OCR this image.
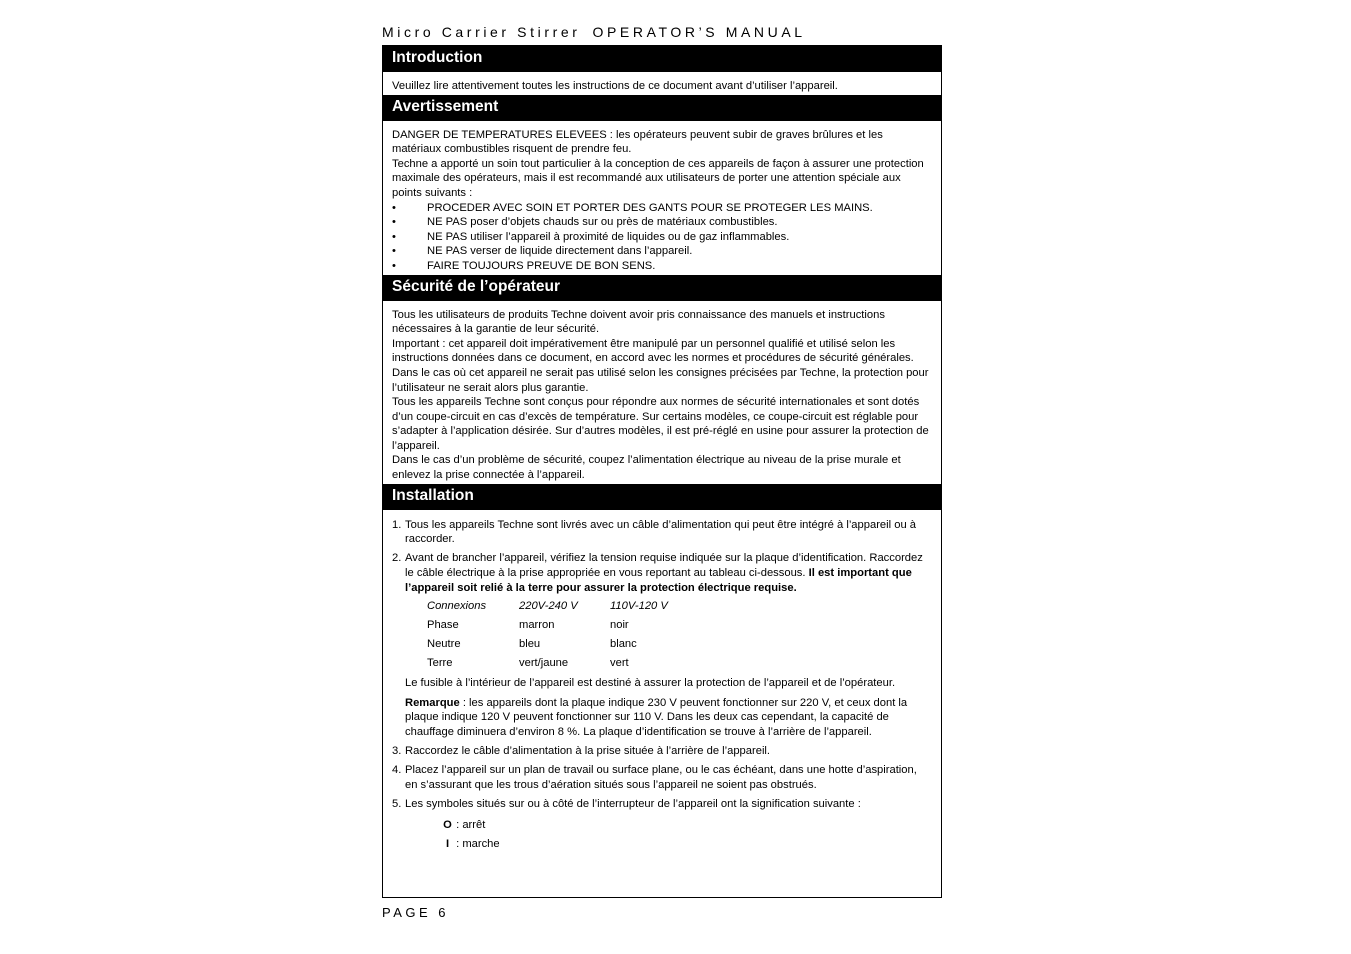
Micro Carrier Stirrer OPERATOR’S MANUAL
Introduction
Veuillez lire attentivement toutes les instructions de ce document avant d’utiliser l’appareil.
Avertissement
DANGER DE TEMPERATURES ELEVEES : les opérateurs peuvent subir de graves brûlures et les matériaux combustibles risquent de prendre feu.
Techne a apporté un soin tout particulier à la conception de ces appareils de façon à assurer une protection maximale des opérateurs, mais il est recommandé aux utilisateurs de porter une attention spéciale aux points suivants :
•	PROCEDER AVEC SOIN ET PORTER DES GANTS POUR SE PROTEGER LES MAINS.
•	NE PAS poser d’objets chauds sur ou près de matériaux combustibles.
•	NE PAS utiliser l’appareil à proximité de liquides ou de gaz inflammables.
•	NE PAS verser de liquide directement dans l’appareil.
•	FAIRE TOUJOURS PREUVE DE BON SENS.
Sécurité de l’opérateur
Tous les utilisateurs de produits Techne doivent avoir pris connaissance des manuels et instructions nécessaires à la garantie de leur sécurité.
Important : cet appareil doit impérativement être manipulé par un personnel qualifié et utilisé selon les instructions données dans ce document, en accord avec les normes et procédures de sécurité générales. Dans le cas où cet appareil ne serait pas utilisé selon les consignes précisées par Techne, la protection pour l’utilisateur ne serait alors plus garantie.
Tous les appareils Techne sont conçus pour répondre aux normes de sécurité internationales et sont dotés d’un coupe-circuit en cas d’excès de température. Sur certains modèles, ce coupe-circuit est réglable pour s’adapter à l’application désirée. Sur d’autres modèles, il est pré-réglé en usine pour assurer la protection de l’appareil.
Dans le cas d’un problème de sécurité, coupez l’alimentation électrique au niveau de la prise murale et enlevez la prise connectée à l’appareil.
Installation
1. Tous les appareils Techne sont livrés avec un câble d’alimentation qui peut être intégré à l’appareil ou à raccorder.
2. Avant de brancher l’appareil, vérifiez la tension requise indiquée sur la plaque d’identification. Raccordez le câble électrique à la prise appropriée en vous reportant au tableau ci-dessous. Il est important que l’appareil soit relié à la terre pour assurer la protection électrique requise.
Connexions	220V-240 V	110V-120 V
Phase	marron	noir
Neutre	bleu	blanc
Terre	vert/jaune	vert

Le fusible à l’intérieur de l’appareil est destiné à assurer la protection de l’appareil et de l’opérateur.

Remarque : les appareils dont la plaque indique 230 V peuvent fonctionner sur 220 V, et ceux dont la plaque indique 120 V peuvent fonctionner sur 110 V. Dans les deux cas cependant, la capacité de chauffage diminuera d’environ 8 %. La plaque d’identification se trouve à l’arrière de l’appareil.

3. Raccordez le câble d’alimentation à la prise située à l’arrière de l’appareil.
4. Placez l’appareil sur un plan de travail ou surface plane, ou le cas échéant, dans une hotte d’aspiration, en s’assurant que les trous d’aération situés sous l’appareil ne soient pas obstrués.
5. Les symboles situés sur ou à côté de l’interrupteur de l’appareil ont la signification suivante :
O : arrêt
I : marche
PAGE 6
